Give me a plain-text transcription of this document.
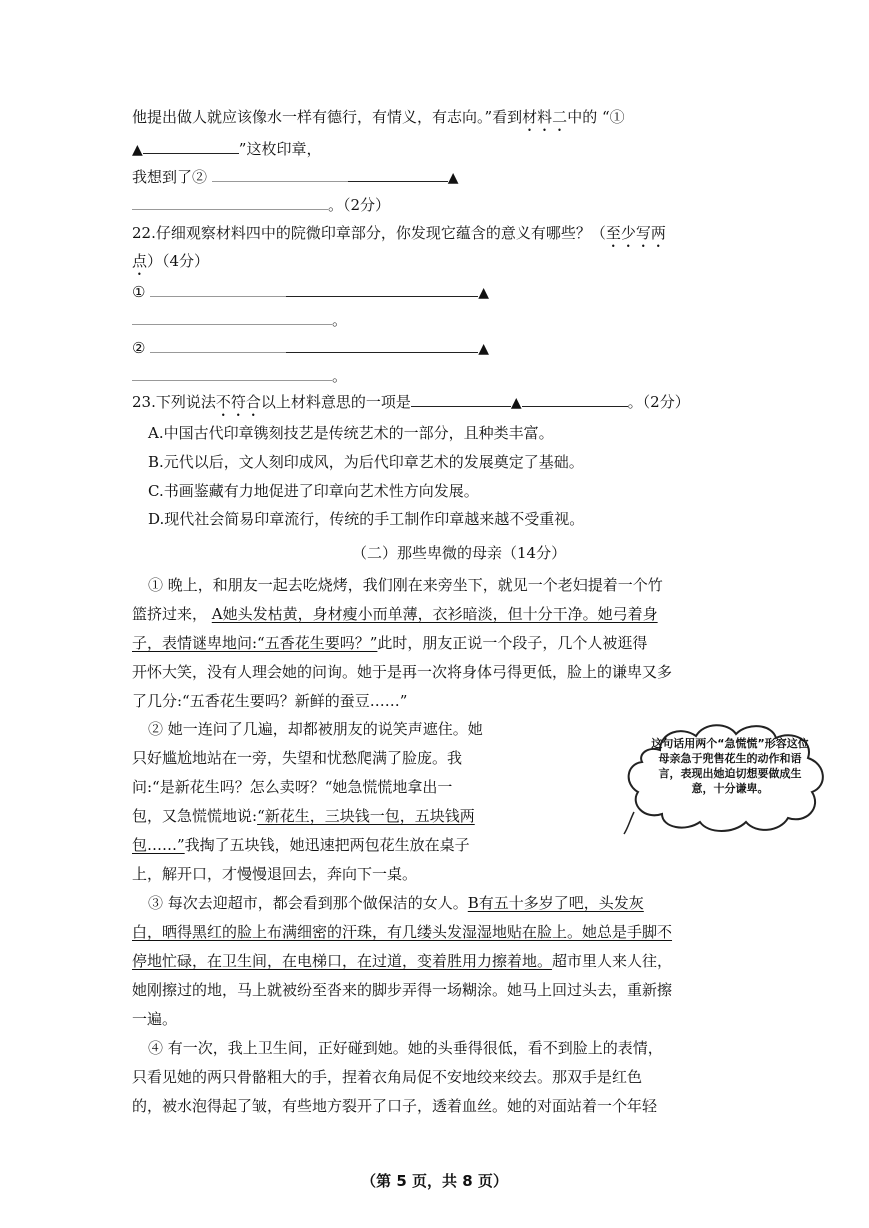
他提出做人就应该像水一样有德行，有情义，有志向。”看到材料二中的 “①
▲	”这枚印章，
我想到了②	▲
。（2分）
22.仔细观察材料四中的院微印章部分，你发现它蕴含的意义有哪些？（至少写两
点）（4分）
①	▲
。
②	▲
。
23.下列说法不符合以上材料意思的一项是	▲	。（2分）
A.中国古代印章镌刻技艺是传统艺术的一部分，且种类丰富。
B.元代以后，文人刻印成风，为后代印章艺术的发展奠定了基础。
C.书画鉴藏有力地促进了印章向艺术性方向发展。
D.现代社会简易印章流行，传统的手工制作印章越来越不受重视。
（二）那些卑微的母亲（14分）
① 晚上，和朋友一起去吃烧烤，我们刚在来旁坐下，就见一个老妇提着一个竹
篮挤过来， A她头发枯黄，身材瘦小而单薄，衣衫暗淡，但十分干净。她弓着身
子，表情谜卑地问:“五香花生要吗？”此时，朋友正说一个段子，几个人被逛得
开怀大笑，没有人理会她的问询。她于是再一次将身体弓得更低，脸上的谦卑又多
了几分:“五香花生要吗？新鲜的蚕豆……”
② 她一连问了几遍，却都被朋友的说笑声遮住。她
只好尴尬地站在一旁，失望和忧愁爬满了脸庞。我
问:“是新花生吗？怎么卖呀？“她急慌慌地拿出一
包，又急慌慌地说:“新花生，三块钱一包，五块钱两
包……”我掏了五块钱，她迅速把两包花生放在桌子
上，解开口，才慢慢退回去，奔向下一桌。
这句话用两个“急慌慌”形容这位母亲急于兜售花生的动作和语言，表现出她迫切想要做成生意，十分谦卑。
③ 每次去迎超市，都会看到那个做保洁的女人。B有五十多岁了吧，头发灰
白，晒得黑红的脸上布满细密的汗珠，有几缕头发湿湿地贴在脸上。她总是手脚不
停地忙碌，在卫生间，在电梯口，在过道，变着胜用力擦着地。超市里人来人往，
她刚擦过的地，马上就被纷至沓来的脚步弄得一场糊涂。她马上回过头去，重新擦
一遍。
④ 有一次，我上卫生间，正好碰到她。她的头垂得很低，看不到脸上的表情，
只看见她的两只骨骼粗大的手，捏着衣角局促不安地绞来绞去。那双手是红色
的，被水泡得起了皱，有些地方裂开了口子，透着血丝。她的对面站着一个年轻
（第 5 页，共 8 页）
